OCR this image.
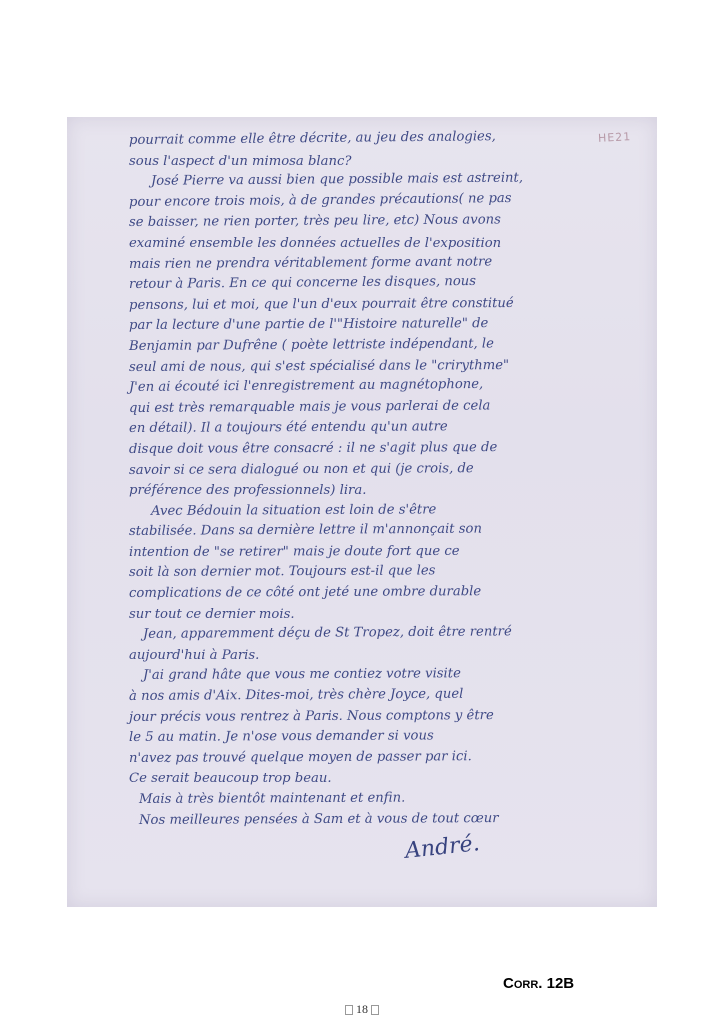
HE21
pourrait comme elle être décrite, au jeu des analogies,
sous l'aspect d'un mimosa blanc?
José Pierre va aussi bien que possible mais est astreint,
pour encore trois mois, à de grandes précautions( ne pas
se baisser, ne rien porter, très peu lire, etc) Nous avons
examiné ensemble les données actuelles de l'exposition
mais rien ne prendra véritablement forme avant notre
retour à Paris. En ce qui concerne les disques, nous
pensons, lui et moi, que l'un d'eux pourrait être constitué
par la lecture d'une partie de l'"Histoire naturelle" de
Benjamin par Dufrêne ( poète lettriste indépendant, le
seul ami de nous, qui s'est spécialisé dans le "crirythme"
J'en ai écouté ici l'enregistrement au magnétophone,
qui est très remarquable mais je vous parlerai de cela
en détail). Il a toujours été entendu qu'un autre
disque doit vous être consacré : il ne s'agit plus que de
savoir si ce sera dialogué ou non et qui (je crois, de
préférence des professionnels) lira.
Avec Bédouin la situation est loin de s'être
stabilisée. Dans sa dernière lettre il m'annonçait son
intention de "se retirer" mais je doute fort que ce
soit là son dernier mot. Toujours est-il que les
complications de ce côté ont jeté une ombre durable
sur tout ce dernier mois.
Jean, apparemment déçu de St Tropez, doit être rentré
aujourd'hui à Paris.
J'ai grand hâte que vous me contiez votre visite
à nos amis d'Aix. Dites-moi, très chère Joyce, quel
jour précis vous rentrez à Paris. Nous comptons y être
le 5 au matin. Je n'ose vous demander si vous
n'avez pas trouvé quelque moyen de passer par ici.
Ce serait beaucoup trop beau.
Mais à très bientôt maintenant et enfin.
Nos meilleures pensées à Sam et à vous de tout cœur
André.
Corr. 12B
18
